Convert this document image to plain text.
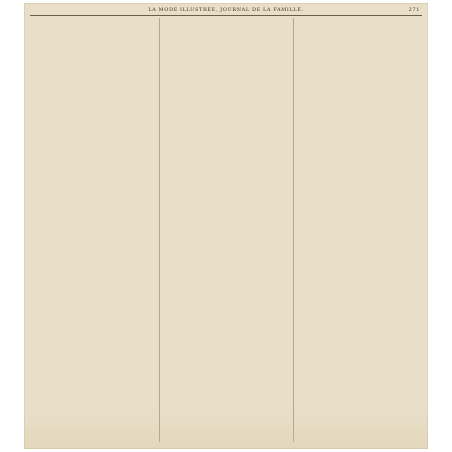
LA MODE ILLUSTRÉE, JOURNAL DE LA FAMILLE.	271
